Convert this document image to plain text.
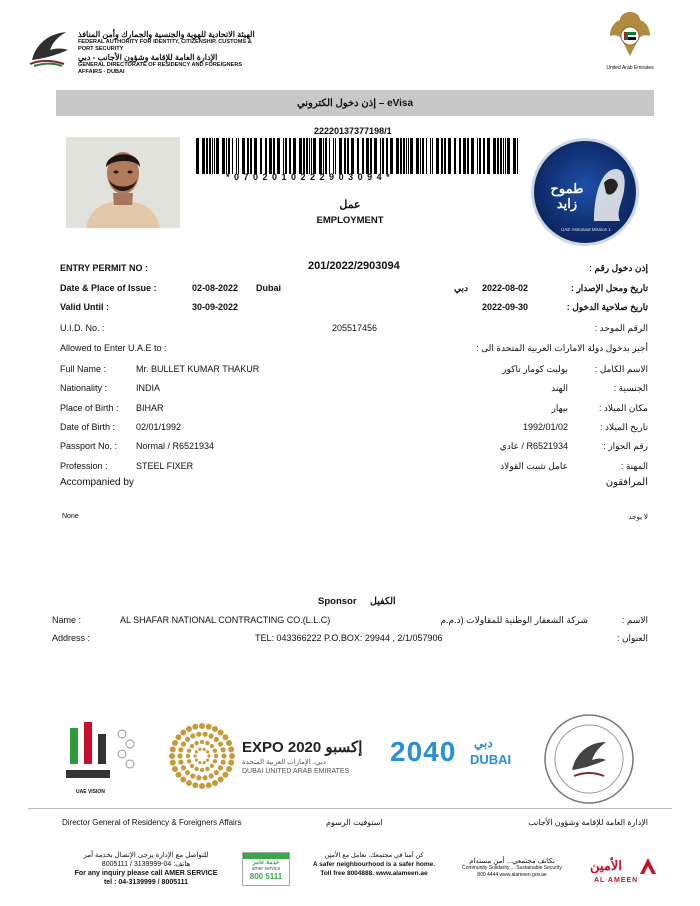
الهيئة الاتحادية للهوية والجنسية والجمارك وأمن المنافذ
FEDERAL AUTHORITY FOR IDENTITY, CITIZENSHIP, CUSTOMS & PORT SECURITY
الإدارة العامة للإقامة وشؤون الأجانب - دبي
GENERAL DIRECTORATE OF RESIDENCY AND FOREIGNERS AFFAIRS - DUBAI
United Arab Emirates
إذن دخول الكتروني – eVisa
22220137377198/1
* 0 7 0 2 0 1 0 2 2 2 9 0 3 0 9 4 *
طموح زايد
UAE Astronaut Mission 1
عمل
EMPLOYMENT
ENTRY PERMIT NO :	201/2022/2903094	إذن دخول رقم :
Date & Place of Issue :	02-08-2022 Dubai	دبي 2022-08-02	تاريخ ومحل الإصدار :
Valid Until :	30-09-2022	2022-09-30	تاريخ صلاحية الدخول :
U.I.D. No. :	205517456	الرقم الموحد :
Allowed to Enter U.A.E to :	أجيز بدخول دولة الامارات العربية المتحدة الى :
Full Name :	Mr. BULLET KUMAR THAKUR	بوليت كومار تاكور	الاسم الكامل :
Nationality :	INDIA	الهند	الجنسية :
Place of Birth : BIHAR	بيهار	مكان الميلاد :
Date of Birth : 02/01/1992	1992/01/02	تاريخ الميلاد :
Passport No. : Normal / R6521934	R6521934 / عادي	رقم الجواز :
Profession :	STEEL FIXER	عامل تثبيت القولاذ	المهنة :
Accompanied by	المرافقون
None	لا يوجد
Sponsor الكفيل
Name :	AL SHAFAR NATIONAL CONTRACTING CO.(L.L.C)	شركة الشعفار الوطنية للمقاولات (ذ.م.م	الاسم :
Address :	TEL: 043366222 P.O.BOX: 29944 , 2/1/057906	العنوان :
UAE VISION
EXPO 2020 إكسبو
دبي، الإمارات العربية المتحدة
DUBAI UNITED ARAB EMIRATES
2040 دبي
DUBAI
Director General of Residency & Foreigners Affairs	استوفيت الرسوم	الإدارة العامة للإقامة وشؤون الأجانب
للتواصل مع الإدارة يرجى الإتصال بخدمة آمر
هاتف: 04-3139999 / 8005111
For any inquiry please call AMER SERVICE
tel : 04-3139999 / 8005111
خدمة عامر
amer service
800 5111
كن آمنا في مجتمعك، تعامل مع الأمين
A safer neighbourhood is a safer home.
Toll free 8004888. www.alameen.ae
تكاتف مجتمعي... أمن مستدام
Community Solidarity ... Sustainable Security
800 4444 www.alameen.gov.ae
الأمين
AL AMEEN
